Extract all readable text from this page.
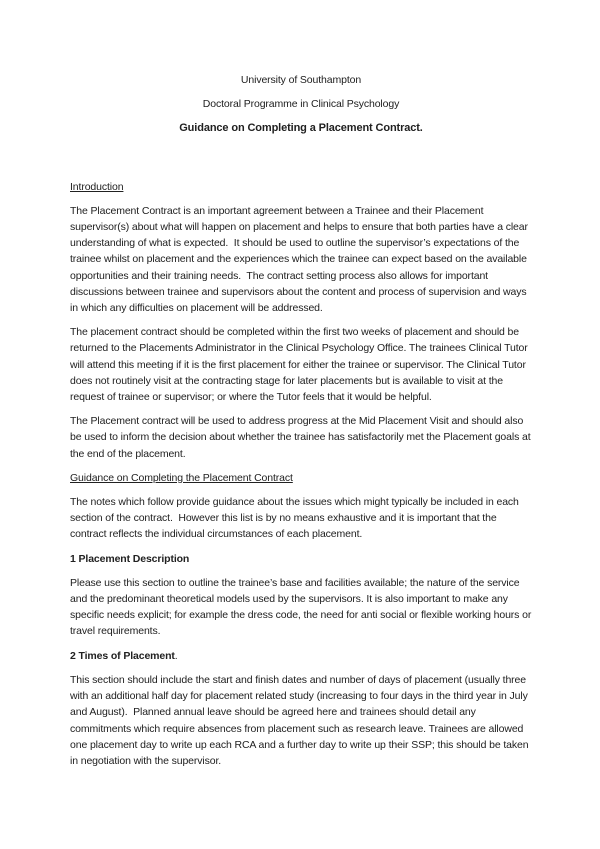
University of Southampton

Doctoral Programme in Clinical Psychology

Guidance on Completing a Placement Contract.

Introduction

The Placement Contract is an important agreement between a Trainee and their Placement supervisor(s) about what will happen on placement and helps to ensure that both parties have a clear understanding of what is expected.  It should be used to outline the supervisor’s expectations of the trainee whilst on placement and the experiences which the trainee can expect based on the available opportunities and their training needs.  The contract setting process also allows for important discussions between trainee and supervisors about the content and process of supervision and ways in which any difficulties on placement will be addressed.

The placement contract should be completed within the first two weeks of placement and should be returned to the Placements Administrator in the Clinical Psychology Office. The trainees Clinical Tutor will attend this meeting if it is the first placement for either the trainee or supervisor. The Clinical Tutor does not routinely visit at the contracting stage for later placements but is available to visit at the request of trainee or supervisor; or where the Tutor feels that it would be helpful.

The Placement contract will be used to address progress at the Mid Placement Visit and should also be used to inform the decision about whether the trainee has satisfactorily met the Placement goals at the end of the placement.

Guidance on Completing the Placement Contract

The notes which follow provide guidance about the issues which might typically be included in each section of the contract.  However this list is by no means exhaustive and it is important that the contract reflects the individual circumstances of each placement.

1 Placement Description

Please use this section to outline the trainee’s base and facilities available; the nature of the service and the predominant theoretical models used by the supervisors. It is also important to make any specific needs explicit; for example the dress code, the need for anti social or flexible working hours or travel requirements.

2 Times of Placement.

This section should include the start and finish dates and number of days of placement (usually three with an additional half day for placement related study (increasing to four days in the third year in July and August).  Planned annual leave should be agreed here and trainees should detail any commitments which require absences from placement such as research leave. Trainees are allowed one placement day to write up each RCA and a further day to write up their SSP; this should be taken in negotiation with the supervisor.
